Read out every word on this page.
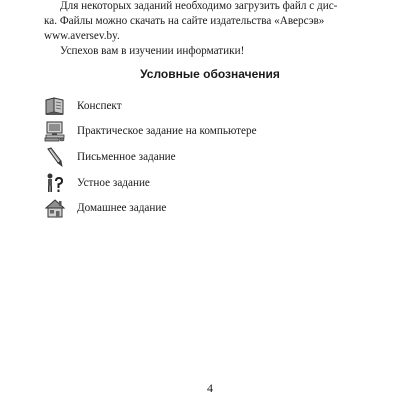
Для некоторых заданий необходимо загрузить файл с дис-

ка. Файлы можно скачать на сайте издательства «Аверсэв»

www.aversev.by.

Успехов вам в изучении информатики!

Условные обозначения
Конспект
Практическое задание на компьютере
Письменное задание
Устное задание
Домашнее задание
4
